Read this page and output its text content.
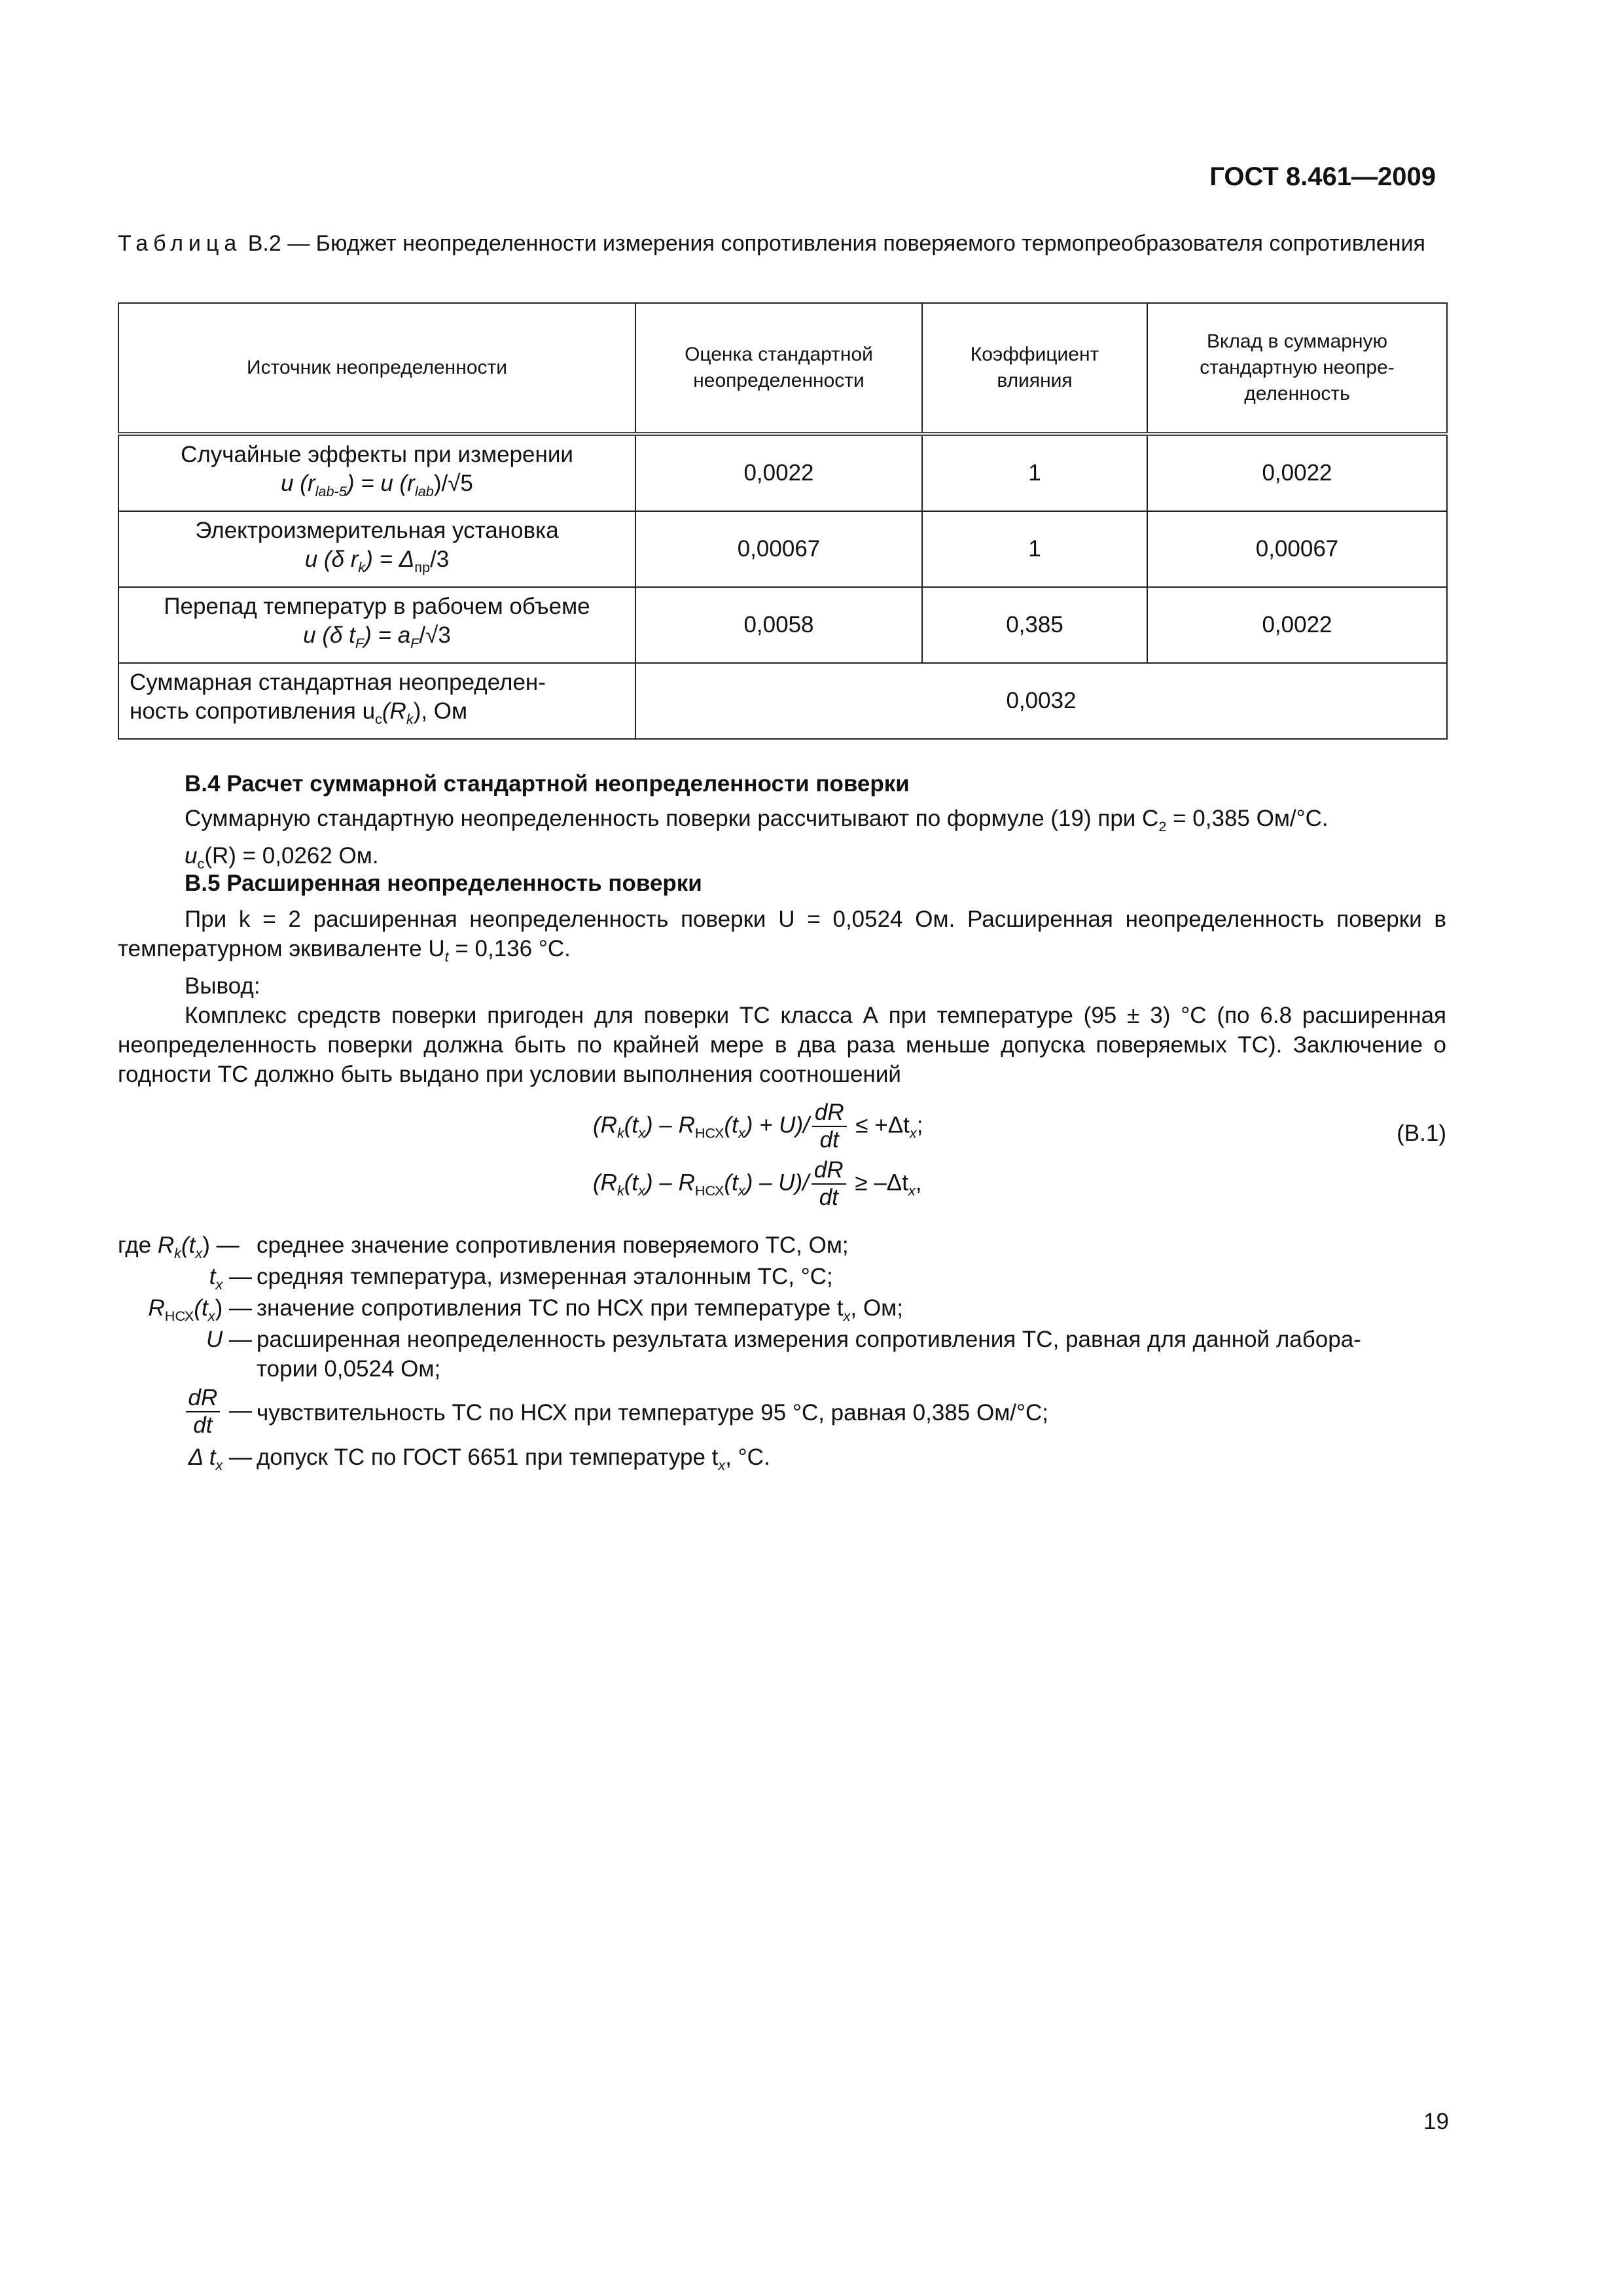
ГОСТ 8.461—2009
Таблица В.2 — Бюджет неопределенности измерения сопротивления поверяемого термопреобразователя сопротивления
Источник неопределенности	Оценка стандартной неопределенности	Коэффициент влияния	Вклад в суммарную стандартную неопределенность

Случайные эффекты при измерении
u $(r_{lab-5}) = u$ $(r_{lab})/√5$	0,0022	1	0,0022

Электроизмерительная установка
u (δ $r_k) = \Delta_{пр}/3$	0,00067	1	0,00067

Перепад температур в рабочем объеме
u (δ $t_F) = a_F/√3$	0,0058	0,385	0,0022

Суммарная стандартная неопределен-
ность сопротивления $u_c(R_k)$, Ом	0,0032		
В.4 Расчет суммарной стандартной неопределенности поверки
Суммарную стандартную неопределенность поверки рассчитывают по формуле (19) при $C_2 = 0,385$ Ом/°С.
$u_c(R) = 0,0262$ Ом.
В.5 Расширенная неопределенность поверки
При k = 2 расширенная неопределенность поверки U = 0,0524 Ом. Расширенная неопределенность поверки в температурном эквиваленте $U_t = 0,136$ °С.
Вывод:
Комплекс средств поверки пригоден для поверки ТС класса А при температуре (95 ± 3) °С (по 6.8 расширенная неопределенность поверки должна быть по крайней мере в два раза меньше допуска поверяемых ТС). Заключение о годности ТС должно быть выдано при условии выполнения соотношений
$(R_k(t_x) - R_{НСХ}(t_x) + U)/ \frac{dR}{dt} \le +\Delta t_x$;
$(R_k(t_x) - R_{НСХ}(t_x) - U)/ \frac{dR}{dt} \ge -\Delta t_x$,
(В.1)
где $R_k(t_x)$ — среднее значение сопротивления поверяемого ТС, Ом;
$t_x$ — средняя температура, измеренная эталонным ТС, °С;
$R_{НСХ}(t_x)$ — значение сопротивления ТС по НСХ при температуре $t_x$, Ом;
U — расширенная неопределенность результата измерения сопротивления ТС, равная для данной лабора-
тории 0,0524 Ом;
$\frac{dR}{dt}$ — чувствительность ТС по НСХ при температуре 95 °С, равная 0,385 Ом/°С;
Δ $t_x$ — допуск ТС по ГОСТ 6651 при температуре $t_x$, °С.
19
